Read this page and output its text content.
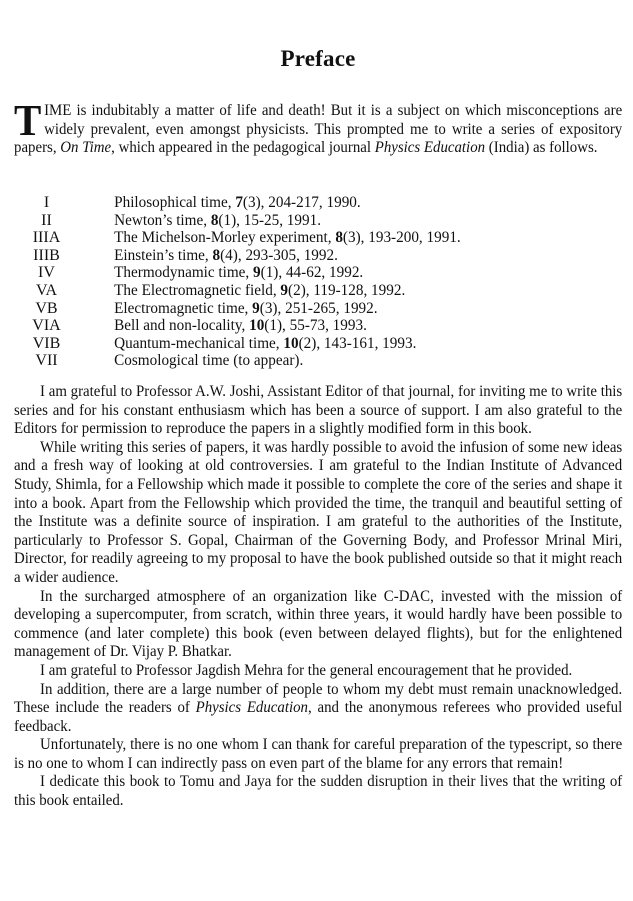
Preface
TIME is indubitably a matter of life and death! But it is a subject on which misconceptions are widely prevalent, even amongst physicists. This prompted me to write a series of expository papers, On Time, which appeared in the pedagogical journal Physics Education (India) as follows.
I	Philosophical time, 7(3), 204-217, 1990.
II	Newton’s time, 8(1), 15-25, 1991.
IIIA	The Michelson-Morley experiment, 8(3), 193-200, 1991.
IIIB	Einstein’s time, 8(4), 293-305, 1992.
IV	Thermodynamic time, 9(1), 44-62, 1992.
VA	The Electromagnetic field, 9(2), 119-128, 1992.
VB	Electromagnetic time, 9(3), 251-265, 1992.
VIA	Bell and non-locality, 10(1), 55-73, 1993.
VIB	Quantum-mechanical time, 10(2), 143-161, 1993.
VII	Cosmological time (to appear).

I am grateful to Professor A.W. Joshi, Assistant Editor of that journal, for inviting me to write this series and for his constant enthusiasm which has been a source of support. I am also grateful to the Editors for permission to reproduce the papers in a slightly modified form in this book.

While writing this series of papers, it was hardly possible to avoid the infusion of some new ideas and a fresh way of looking at old controversies. I am grateful to the Indian Institute of Advanced Study, Shimla, for a Fellowship which made it possible to complete the core of the series and shape it into a book. Apart from the Fellowship which provided the time, the tranquil and beautiful setting of the Institute was a definite source of inspiration. I am grateful to the authorities of the Institute, particularly to Professor S. Gopal, Chairman of the Governing Body, and Professor Mrinal Miri, Director, for readily agreeing to my proposal to have the book published outside so that it might reach a wider audience.

In the surcharged atmosphere of an organization like C-DAC, invested with the mission of developing a supercomputer, from scratch, within three years, it would hardly have been possible to commence (and later complete) this book (even between delayed flights), but for the enlightened management of Dr. Vijay P. Bhatkar.

I am grateful to Professor Jagdish Mehra for the general encouragement that he provided.

In addition, there are a large number of people to whom my debt must remain unacknowledged. These include the readers of Physics Education, and the anonymous referees who provided useful feedback.

Unfortunately, there is no one whom I can thank for careful preparation of the typescript, so there is no one to whom I can indirectly pass on even part of the blame for any errors that remain!

I dedicate this book to Tomu and Jaya for the sudden disruption in their lives that the writing of this book entailed.
